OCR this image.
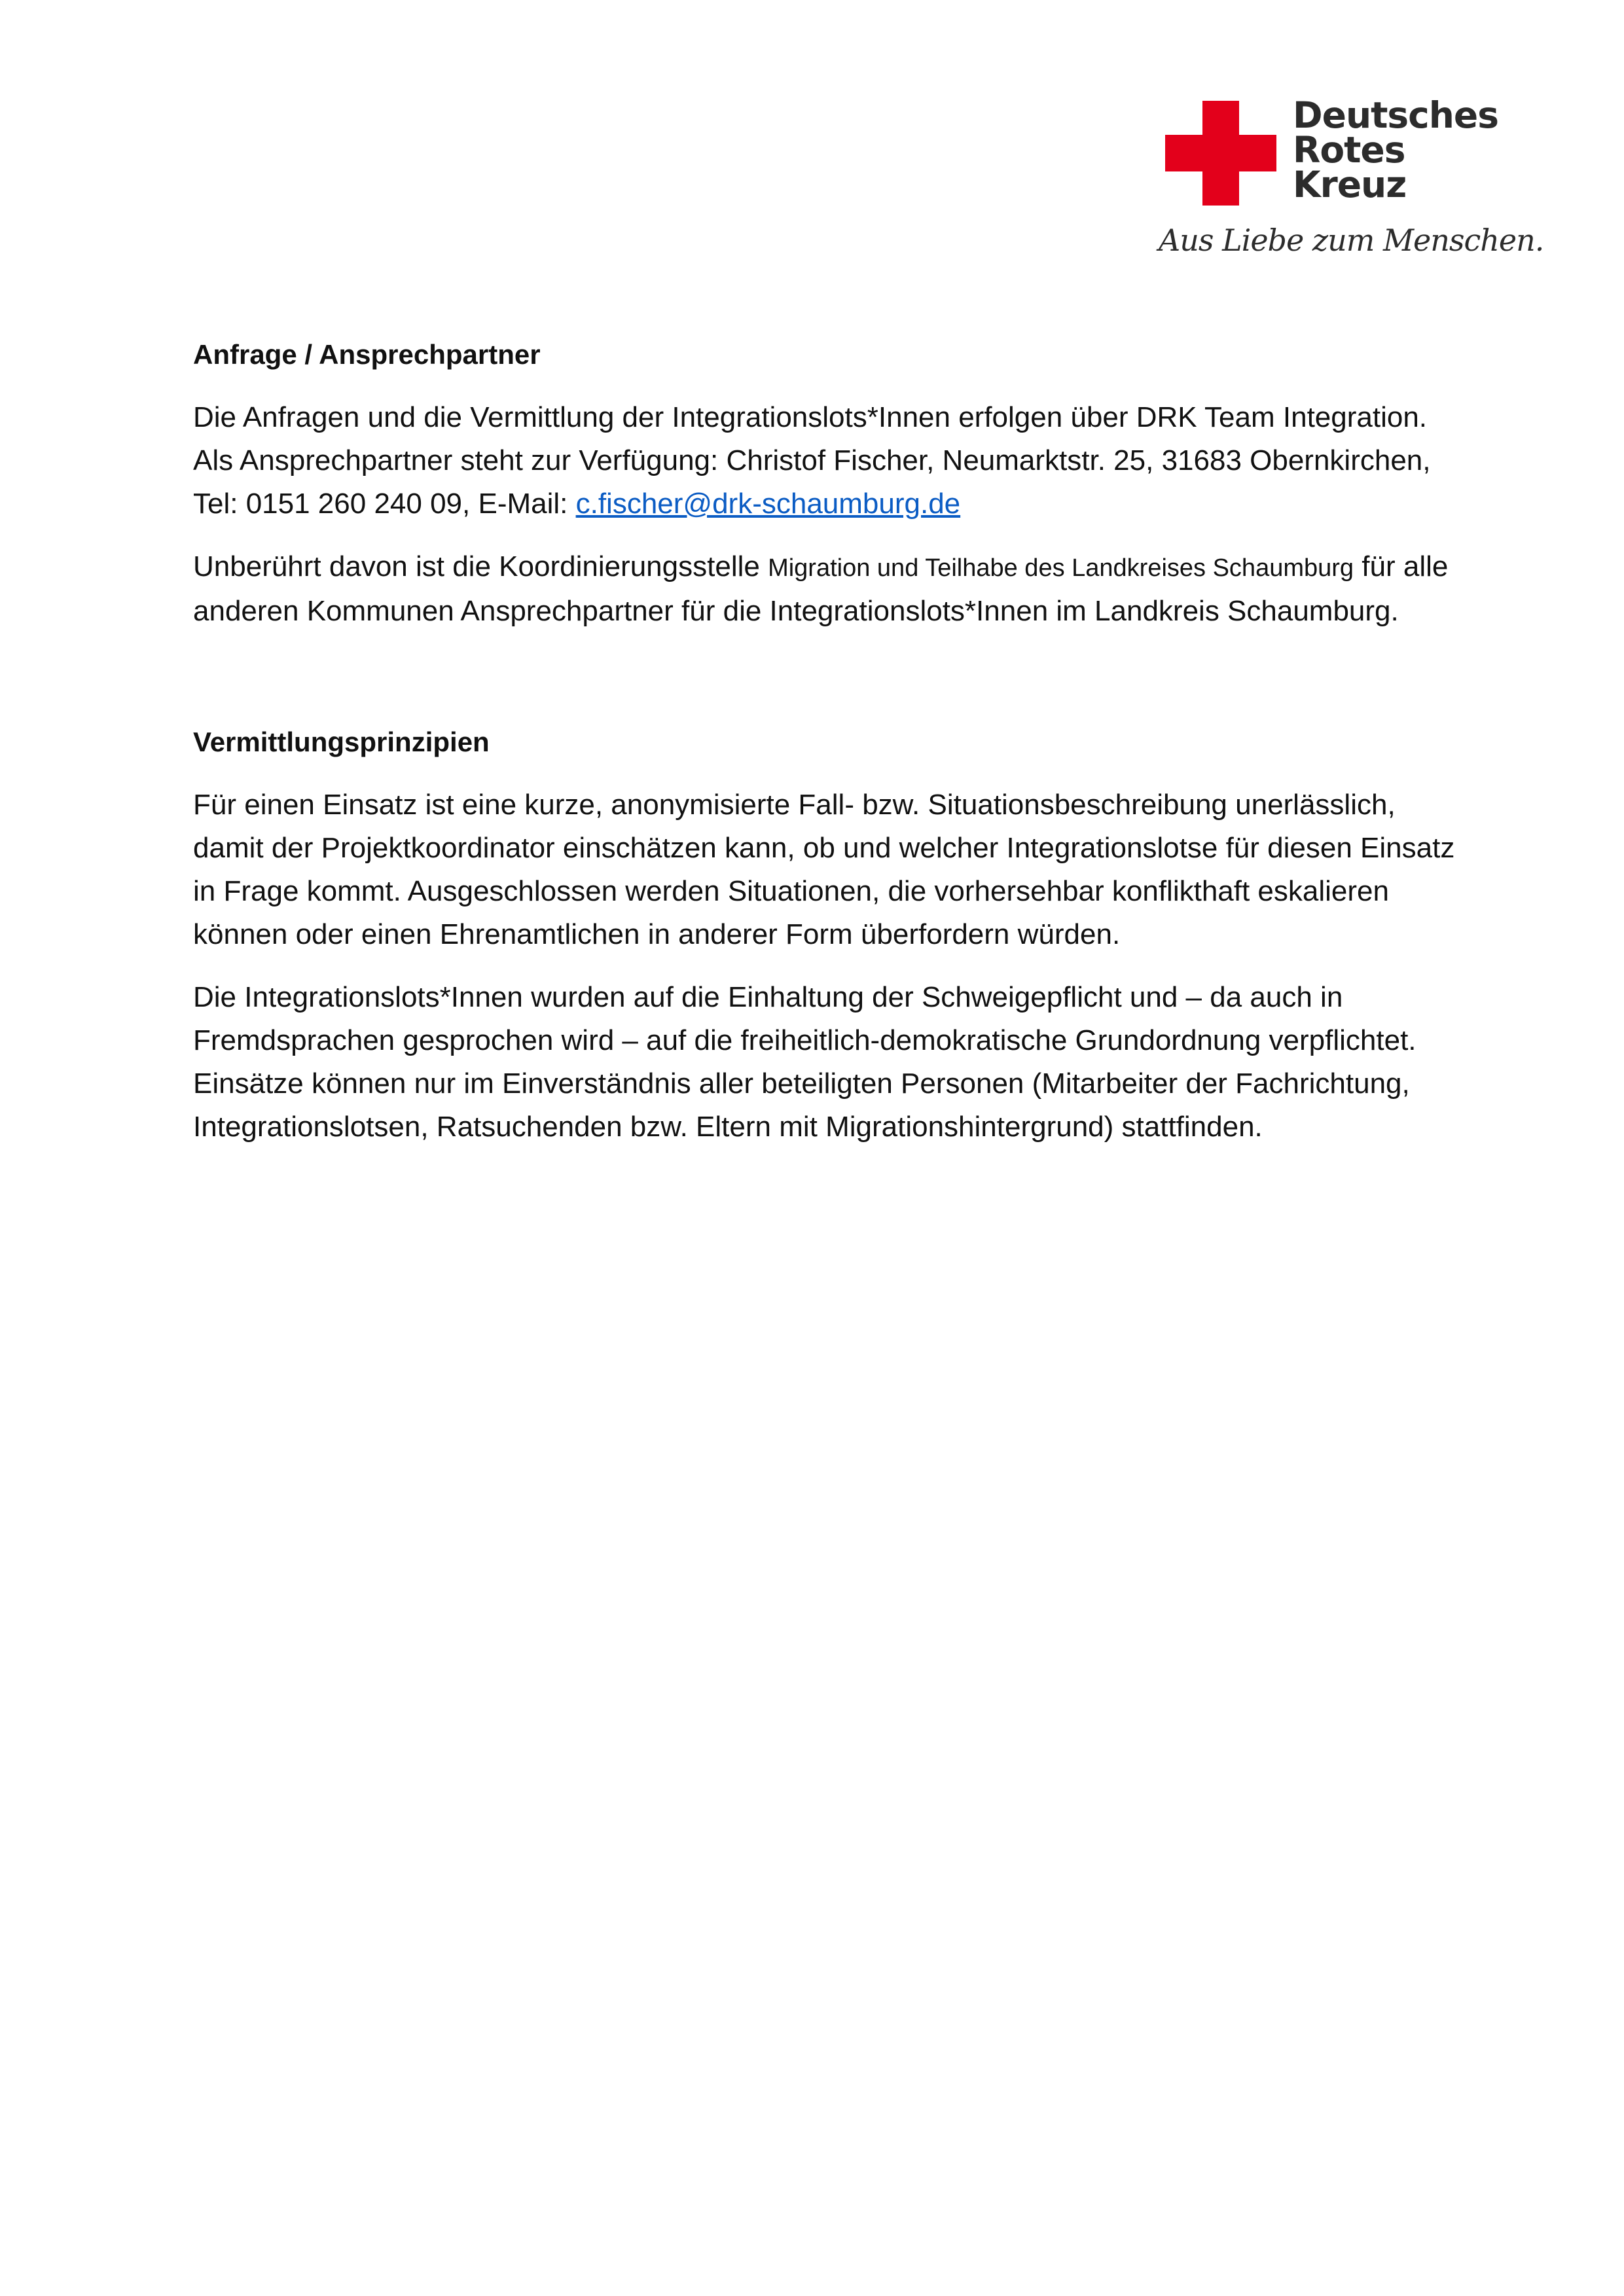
Deutsches
Rotes
Kreuz
Aus Liebe zum Menschen.
Anfrage / Ansprechpartner

Die Anfragen und die Vermittlung der Integrationslots*Innen erfolgen über DRK Team Integration. Als Ansprechpartner steht zur Verfügung: Christof Fischer, Neumarktstr. 25, 31683 Obernkirchen, Tel: 0151 260 240 09, E-Mail: c.fischer@drk-schaumburg.de

Unberührt davon ist die Koordinierungsstelle Migration und Teilhabe des Landkreises Schaumburg für alle anderen Kommunen Ansprechpartner für die Integrationslots*Innen im Landkreis Schaumburg.

Vermittlungsprinzipien

Für einen Einsatz ist eine kurze, anonymisierte Fall- bzw. Situationsbeschreibung unerlässlich, damit der Projektkoordinator einschätzen kann, ob und welcher Integrationslotse für diesen Einsatz in Frage kommt. Ausgeschlossen werden Situationen, die vorhersehbar konflikthaft eskalieren können oder einen Ehrenamtlichen in anderer Form überfordern würden.

Die Integrationslots*Innen wurden auf die Einhaltung der Schweigepflicht und – da auch in Fremdsprachen gesprochen wird – auf die freiheitlich-demokratische Grundordnung verpflichtet. Einsätze können nur im Einverständnis aller beteiligten Personen (Mitarbeiter der Fachrichtung, Integrationslotsen, Ratsuchenden bzw. Eltern mit Migrationshintergrund) stattfinden.
